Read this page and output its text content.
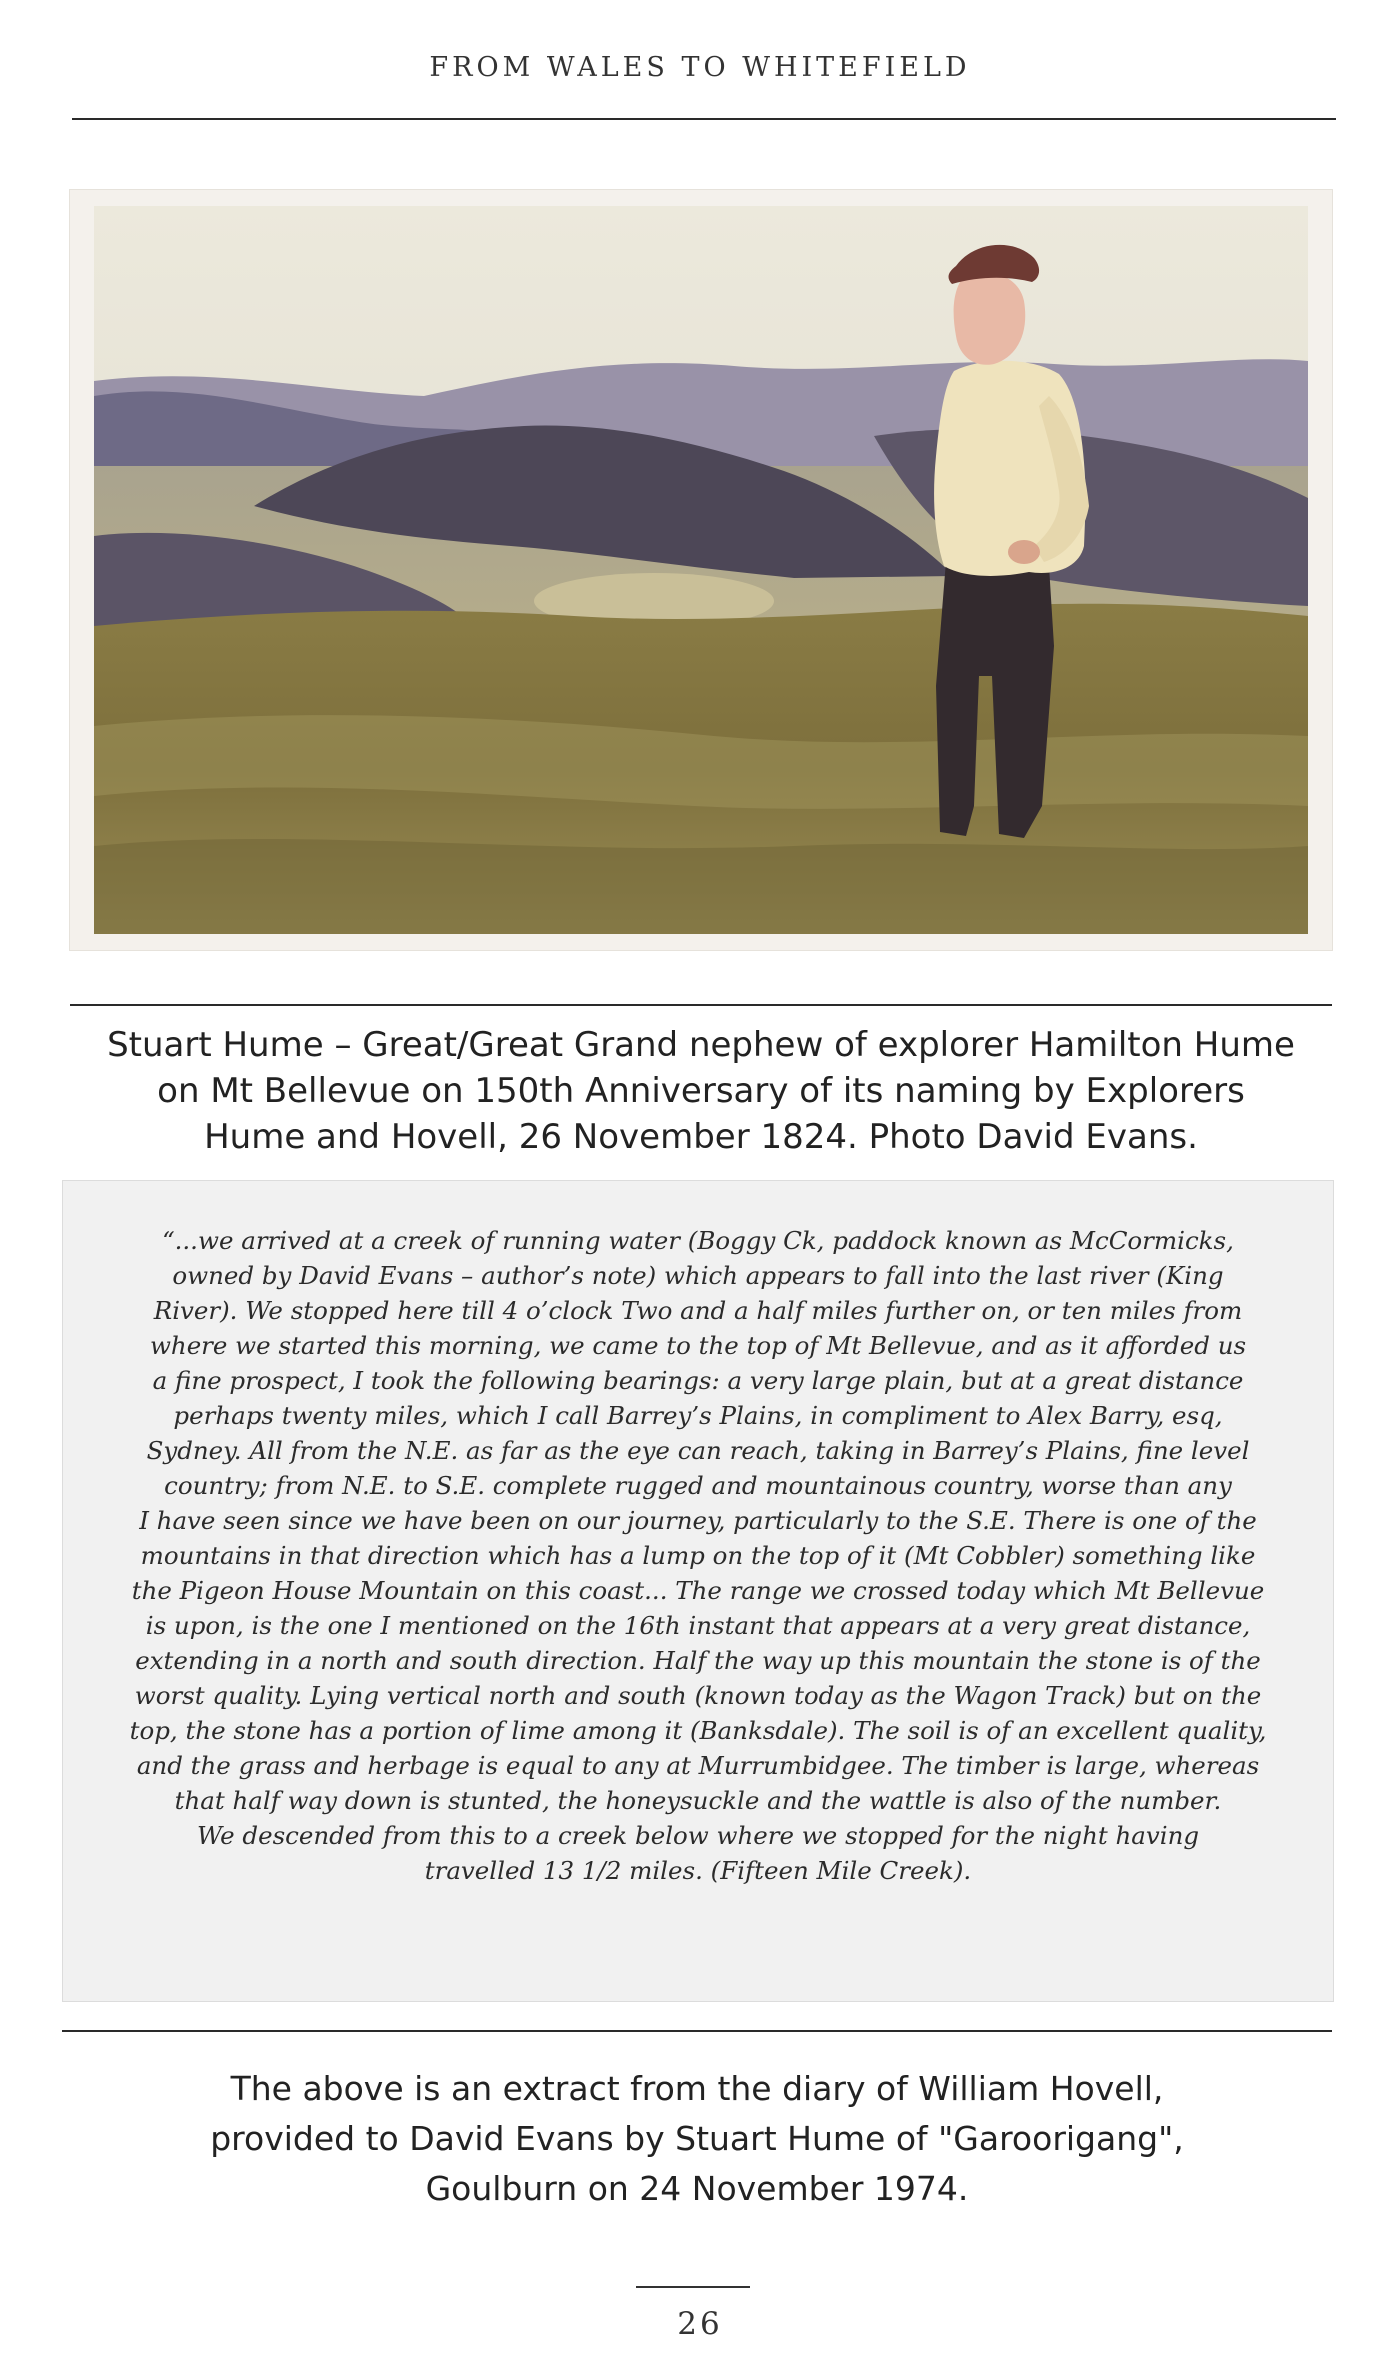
FROM WALES TO WHITEFIELD
Stuart Hume – Great/Great Grand nephew of explorer Hamilton Hume
on Mt Bellevue on 150th Anniversary of its naming by Explorers
Hume and Hovell, 26 November 1824. Photo David Evans.
“...we arrived at a creek of running water (Boggy Ck, paddock known as McCormicks,
owned by David Evans – author’s note) which appears to fall into the last river (King
River). We stopped here till 4 o’clock Two and a half miles further on, or ten miles from
where we started this morning, we came to the top of Mt Bellevue, and as it afforded us
a fine prospect, I took the following bearings: a very large plain, but at a great distance
perhaps twenty miles, which I call Barrey’s Plains, in compliment to Alex Barry, esq,
Sydney. All from the N.E. as far as the eye can reach, taking in Barrey’s Plains, fine level
country; from N.E. to S.E. complete rugged and mountainous country, worse than any
I have seen since we have been on our journey, particularly to the S.E. There is one of the
mountains in that direction which has a lump on the top of it (Mt Cobbler) something like
the Pigeon House Mountain on this coast... The range we crossed today which Mt Bellevue
is upon, is the one I mentioned on the 16th instant that appears at a very great distance,
extending in a north and south direction. Half the way up this mountain the stone is of the
worst quality. Lying vertical north and south (known today as the Wagon Track) but on the
top, the stone has a portion of lime among it (Banksdale). The soil is of an excellent quality,
and the grass and herbage is equal to any at Murrumbidgee. The timber is large, whereas
that half way down is stunted, the honeysuckle and the wattle is also of the number.
We descended from this to a creek below where we stopped for the night having
travelled 13 1/2 miles. (Fifteen Mile Creek).
The above is an extract from the diary of William Hovell,
provided to David Evans by Stuart Hume of "Garoorigang",
Goulburn on 24 November 1974.
26
